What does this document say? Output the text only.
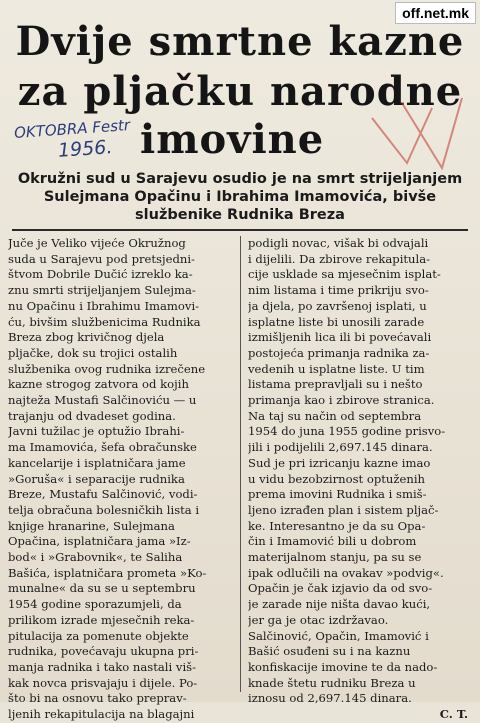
off.net.mk
Dvije smrtne kazne
za pljačku narodne
imovine
OKTOBRA Festr
1956.
Okružni sud u Sarajevu osudio je na smrt strijeljanjem
Sulejmana Opačinu i Ibrahima Imamovića, bivše
službenike Rudnika Breza
Juče je Veliko vijeće Okružnog
suda u Sarajevu pod pretsjedni-
štvom Dobrile Dučić izreklo ka-
znu smrti strijeljanjem Sulejma-
nu Opačinu i Ibrahimu Imamovi-
ću, bivšim službenicima Rudnika
Breza zbog krivičnog djela
pljačke, dok su trojici ostalih
službenika ovog rudnika izrečene
kazne strogog zatvora od kojih
najteža Mustafi Salčinoviću — u
trajanju od dvadeset godina.
Javni tužilac je optužio Ibrahi-
ma Imamovića, šefa obračunske
kancelarije i isplatničara jame
»Goruša« i separacije rudnika
Breze, Mustafu Salčinović, vodi-
telja obračuna bolesničkih lista i
knjige hranarine, Sulejmana
Opačina, isplatničara jama »Iz-
bod« i »Grabovnik«, te Saliha
Bašića, isplatničara prometa »Ko-
munalne« da su se u septembru
1954 godine sporazumjeli, da
prilikom izrade mjesečnih reka-
pitulacija za pomenute objekte
rudnika, povećavaju ukupna pri-
manja radnika i tako nastali viš-
kak novca prisvajaju i dijele. Po-
što bi na osnovu tako preprav-
ljenih rekapitulacija na blagajni
podigli novac, višak bi odvajali
i dijelili. Da zbirove rekapitula-
cije uskladе sa mjesečnim isplat-
nim listama i time prikriju svo-
ja djela, po završenoj isplati, u
isplatne liste bi unosili zarade
izmišljenih lica ili bi povećavali
postojeća primanja radnika za-
vedenih u isplatne liste. U tim
listama prepravljali su i nešto
primanja kao i zbirove stranica.
Na taj su način od septembra
1954 do juna 1955 godine prisvo-
jili i podijelili 2,697.145 dinara.
Sud je pri izricanju kazne imao
u vidu bezobzirnost optuženih
prema imovini Rudnika i smiš-
ljeno izrađen plan i sistem pljač-
ke. Interesantno je da su Opa-
čin i Imamović bili u dobrom
materijalnom stanju, pa su se
ipak odlučili na ovakav »podvig«.
Opačin je čak izjavio da od svo-
je zarade nije ništa davao kući,
jer ga je otac izdržavao.
Salčinović, Opačin, Imamović i
Bašić osuđeni su i na kaznu
konfiskacije imovine te da nado-
knade štetu rudniku Breza u
iznosu od 2,697.145 dinara.
C. T.
